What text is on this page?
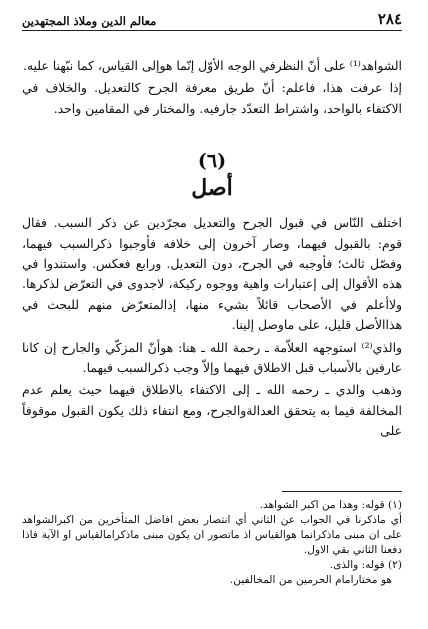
٢٨٤
معالم الدين وملاذ المجتهدين

الشواهد⁽¹⁾ على أنّ النظرفي الوجه الأوّل إنّما هوإلى القياس، كما نبّهنا عليه.

إذا عرفت هذا، فاعلم: أنّ طريق معرفة الجرح كالتعديل. والخلاف في الاكتفاء بالواحد، واشتراط التعدّد جارفيه. والمختار في المقامين واحد.

(٦)
أصل

اختلف النّاس في قبول الجرح والتعديل مجرّدين عن ذكر السبب. فقال قوم: بالقبول فيهما، وصار آخرون إلى خلافه فأوجبوا ذكرالسبب فيهما، وفصّل ثالث؛ فأوجبه في الجرح، دون التعديل. ورابع فعكس. واستندوا في هذه الأقوال إلى إعتبارات واهية ووجوه ركيكة، لاجدوى في التعرّض لذكرها. ولاأعلم في الأصحاب قائلاً بشيء منها، إذالمتعرّض منهم للبحث في هذاالأصل قليل، على ماوصل إلينا.

والذي⁽²⁾ استوجهه العلاّمة ـ رحمة الله ـ هنا: هوأنّ المزكّي والجارح إن كانا عارفين بالأسباب قبل الاطلاق فيهما وإلاّ وجب ذكرالسبب فيهما.

وذهب والدي ـ رحمه الله ـ إلى الاكتفاء بالاطلاق فيهما حيث يعلم عدم المخالفة فيما به يتحقق العدالةوالجرح، ومع انتفاء ذلك يكون القبول موقوفاً على

(١) قوله: وهذا من اكبر الشواهد.

أي ماذكرنا في الجواب عن الثاني أي انتصار بعض افاضل المتأخرين من اكبرالشواهد على ان مبنى ماذكرانما هوالقياس اذ ماتصور ان يكون مبنى ماذكرامالقياس او الآية فاذا دفعنا الثاني بقي الاول.

(٢) قوله: والذى.

هو مختارامام الحرمين من المخالفين.
